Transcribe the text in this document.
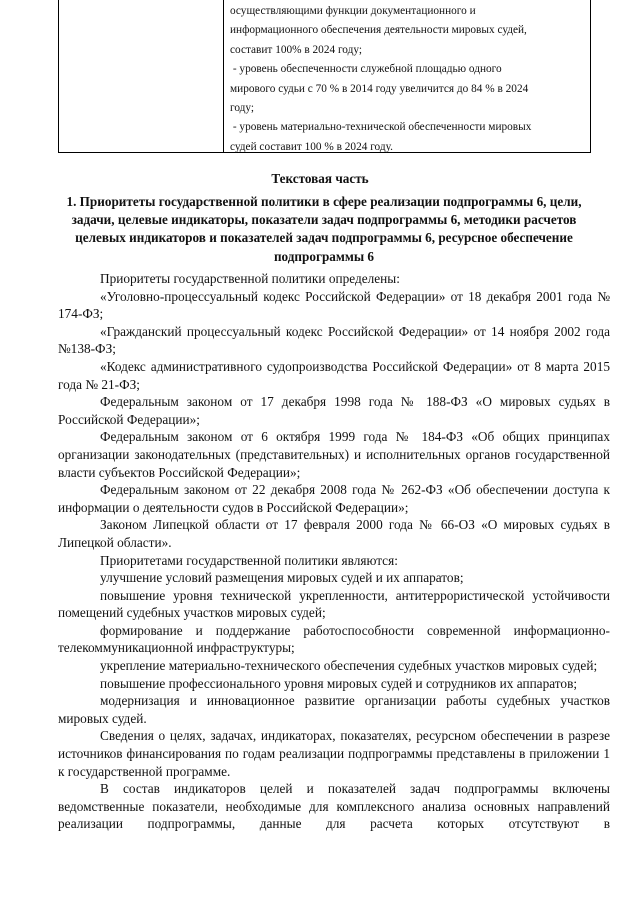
осуществляющими функции документационного и
информационного обеспечения деятельности мировых судей,
составит 100% в 2024 году;
- уровень обеспеченности служебной площадью одного
мирового судьи с 70 % в 2014 году увеличится до 84 % в 2024
году;
- уровень материально-технической обеспеченности мировых
судей составит 100 % в 2024 году.
Текстовая часть
1. Приоритеты государственной политики в сфере реализации подпрограммы 6, цели, задачи, целевые индикаторы, показатели задач подпрограммы 6, методики расчетов целевых индикаторов и показателей задач подпрограммы 6, ресурсное обеспечение подпрограммы 6

Приоритеты государственной политики определены:

«Уголовно-процессуальный кодекс Российской Федерации» от 18 декабря 2001 года № 174-ФЗ;

«Гражданский процессуальный кодекс Российской Федерации» от 14 ноября 2002 года №138-ФЗ;

«Кодекс административного судопроизводства Российской Федерации» от 8 марта 2015 года № 21-ФЗ;

Федеральным законом от 17 декабря 1998 года № 188-ФЗ «О мировых судьях в Российской Федерации»;

Федеральным законом от 6 октября 1999 года № 184-ФЗ «Об общих принципах организации законодательных (представительных) и исполнительных органов государственной власти субъектов Российской Федерации»;

Федеральным законом от 22 декабря 2008 года № 262-ФЗ «Об обеспечении доступа к информации о деятельности судов в Российской Федерации»;

Законом Липецкой области от 17 февраля 2000 года № 66-ОЗ «О мировых судьях в Липецкой области».

Приоритетами государственной политики являются:

улучшение условий размещения мировых судей и их аппаратов;

повышение уровня технической укрепленности, антитеррористической устойчивости помещений судебных участков мировых судей;

формирование и поддержание работоспособности современной информационно-телекоммуникационной инфраструктуры;

укрепление материально-технического обеспечения судебных участков мировых судей;

повышение профессионального уровня мировых судей и сотрудников их аппаратов;

модернизация и инновационное развитие организации работы судебных участков мировых судей.

Сведения о целях, задачах, индикаторах, показателях, ресурсном обеспечении в разрезе источников финансирования по годам реализации подпрограммы представлены в приложении 1 к государственной программе.

В состав индикаторов целей и показателей задач подпрограммы включены ведомственные показатели, необходимые для комплексного анализа основных направлений реализации подпрограммы, данные для расчета которых отсутствуют в
